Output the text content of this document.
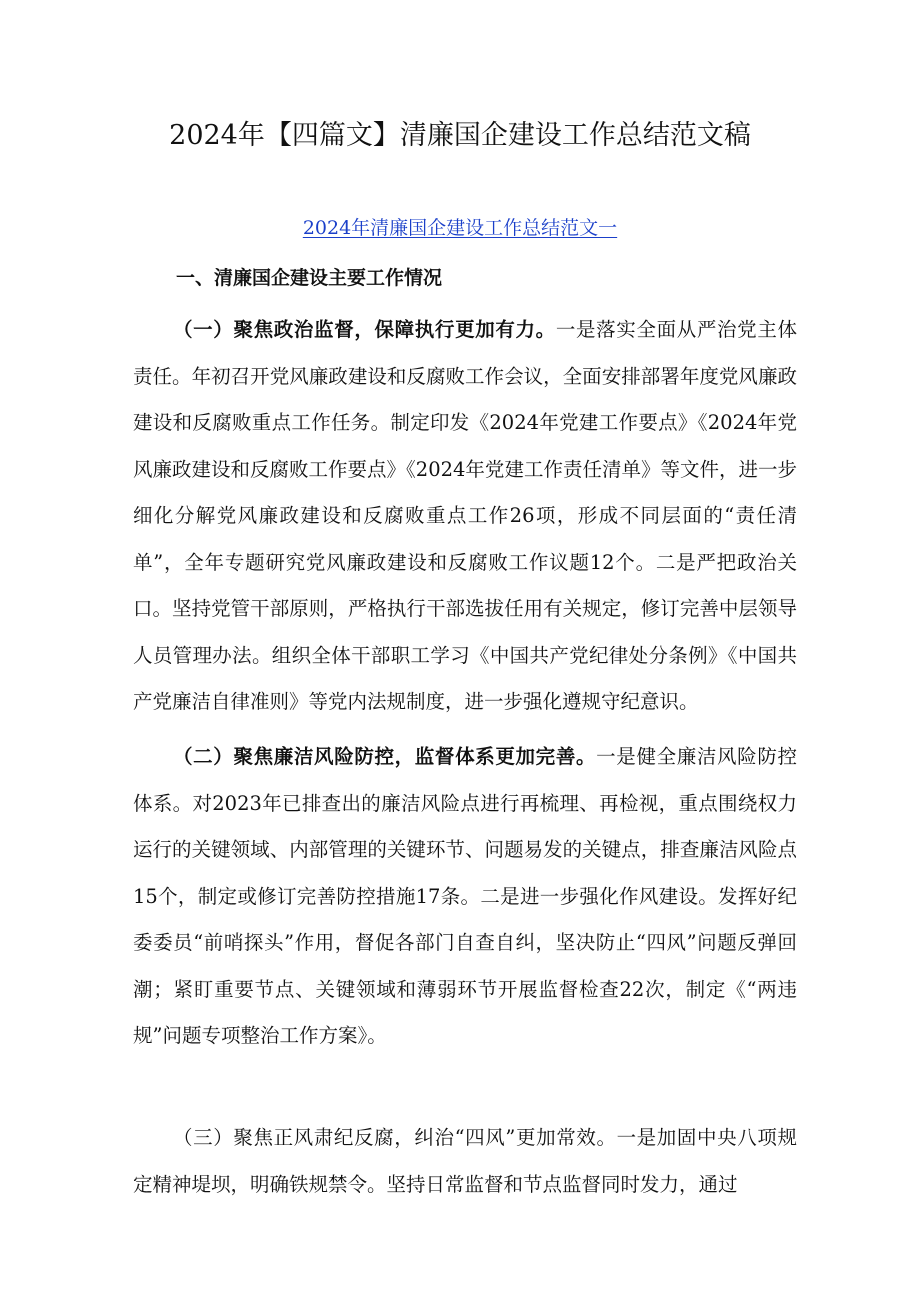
2024年【四篇文】清廉国企建设工作总结范文稿

2024年清廉国企建设工作总结范文一

一、清廉国企建设主要工作情况

（一）聚焦政治监督，保障执行更加有力。一是落实全面从严治党主体责任。年初召开党风廉政建设和反腐败工作会议，全面安排部署年度党风廉政建设和反腐败重点工作任务。制定印发《2024年党建工作要点》《2024年党风廉政建设和反腐败工作要点》《2024年党建工作责任清单》等文件，进一步细化分解党风廉政建设和反腐败重点工作26项，形成不同层面的“责任清单”，全年专题研究党风廉政建设和反腐败工作议题12个。二是严把政治关口。坚持党管干部原则，严格执行干部选拔任用有关规定，修订完善中层领导人员管理办法。组织全体干部职工学习《中国共产党纪律处分条例》《中国共产党廉洁自律准则》等党内法规制度，进一步强化遵规守纪意识。

（二）聚焦廉洁风险防控，监督体系更加完善。一是健全廉洁风险防控体系。对2023年已排查出的廉洁风险点进行再梳理、再检视，重点围绕权力运行的关键领域、内部管理的关键环节、问题易发的关键点，排查廉洁风险点15个，制定或修订完善防控措施17条。二是进一步强化作风建设。发挥好纪委委员“前哨探头”作用，督促各部门自查自纠，坚决防止“四风”问题反弹回潮；紧盯重要节点、关键领域和薄弱环节开展监督检查22次，制定《“两违规”问题专项整治工作方案》。

（三）聚焦正风肃纪反腐，纠治“四风”更加常效。一是加固中央八项规定精神堤坝，明确铁规禁令。坚持日常监督和节点监督同时发力，通过
